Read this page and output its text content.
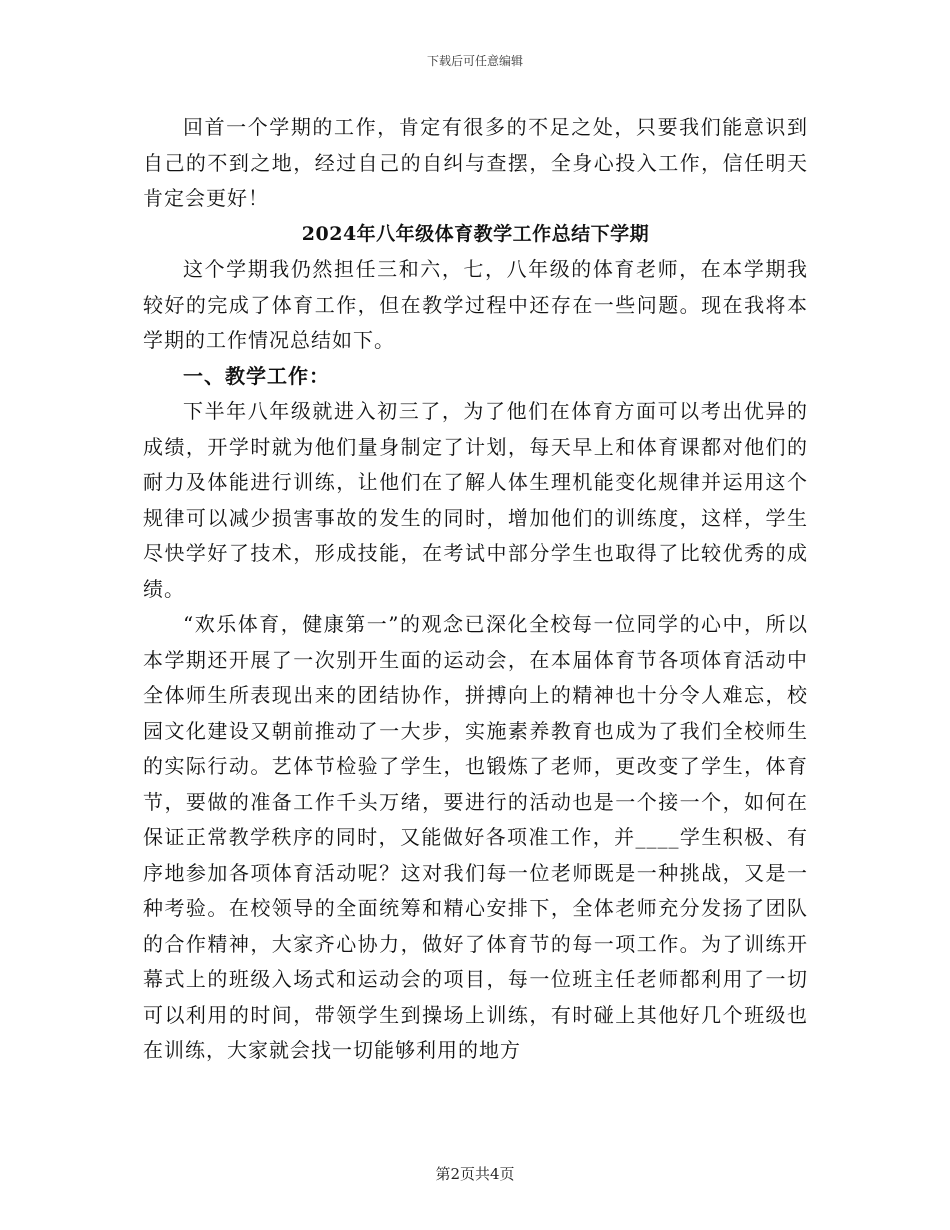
下载后可任意编辑

回首一个学期的工作，肯定有很多的不足之处，只要我们能意识到自己的不到之地，经过自己的自纠与查摆，全身心投入工作，信任明天肯定会更好！

2024年八年级体育教学工作总结下学期

这个学期我仍然担任三和六，七，八年级的体育老师，在本学期我较好的完成了体育工作，但在教学过程中还存在一些问题。现在我将本学期的工作情况总结如下。

一、教学工作：

下半年八年级就进入初三了，为了他们在体育方面可以考出优异的成绩，开学时就为他们量身制定了计划，每天早上和体育课都对他们的耐力及体能进行训练，让他们在了解人体生理机能变化规律并运用这个规律可以减少损害事故的发生的同时，增加他们的训练度，这样，学生尽快学好了技术，形成技能，在考试中部分学生也取得了比较优秀的成绩。

“欢乐体育，健康第一”的观念已深化全校每一位同学的心中，所以本学期还开展了一次别开生面的运动会，在本届体育节各项体育活动中全体师生所表现出来的团结协作，拼搏向上的精神也十分令人难忘，校园文化建设又朝前推动了一大步，实施素养教育也成为了我们全校师生的实际行动。艺体节检验了学生，也锻炼了老师，更改变了学生，体育节，要做的准备工作千头万绪，要进行的活动也是一个接一个，如何在保证正常教学秩序的同时，又能做好各项准工作，并____学生积极、有序地参加各项体育活动呢？这对我们每一位老师既是一种挑战，又是一种考验。在校领导的全面统筹和精心安排下，全体老师充分发扬了团队的合作精神，大家齐心协力，做好了体育节的每一项工作。为了训练开幕式上的班级入场式和运动会的项目，每一位班主任老师都利用了一切可以利用的时间，带领学生到操场上训练，有时碰上其他好几个班级也在训练，大家就会找一切能够利用的地方

第2页共4页
